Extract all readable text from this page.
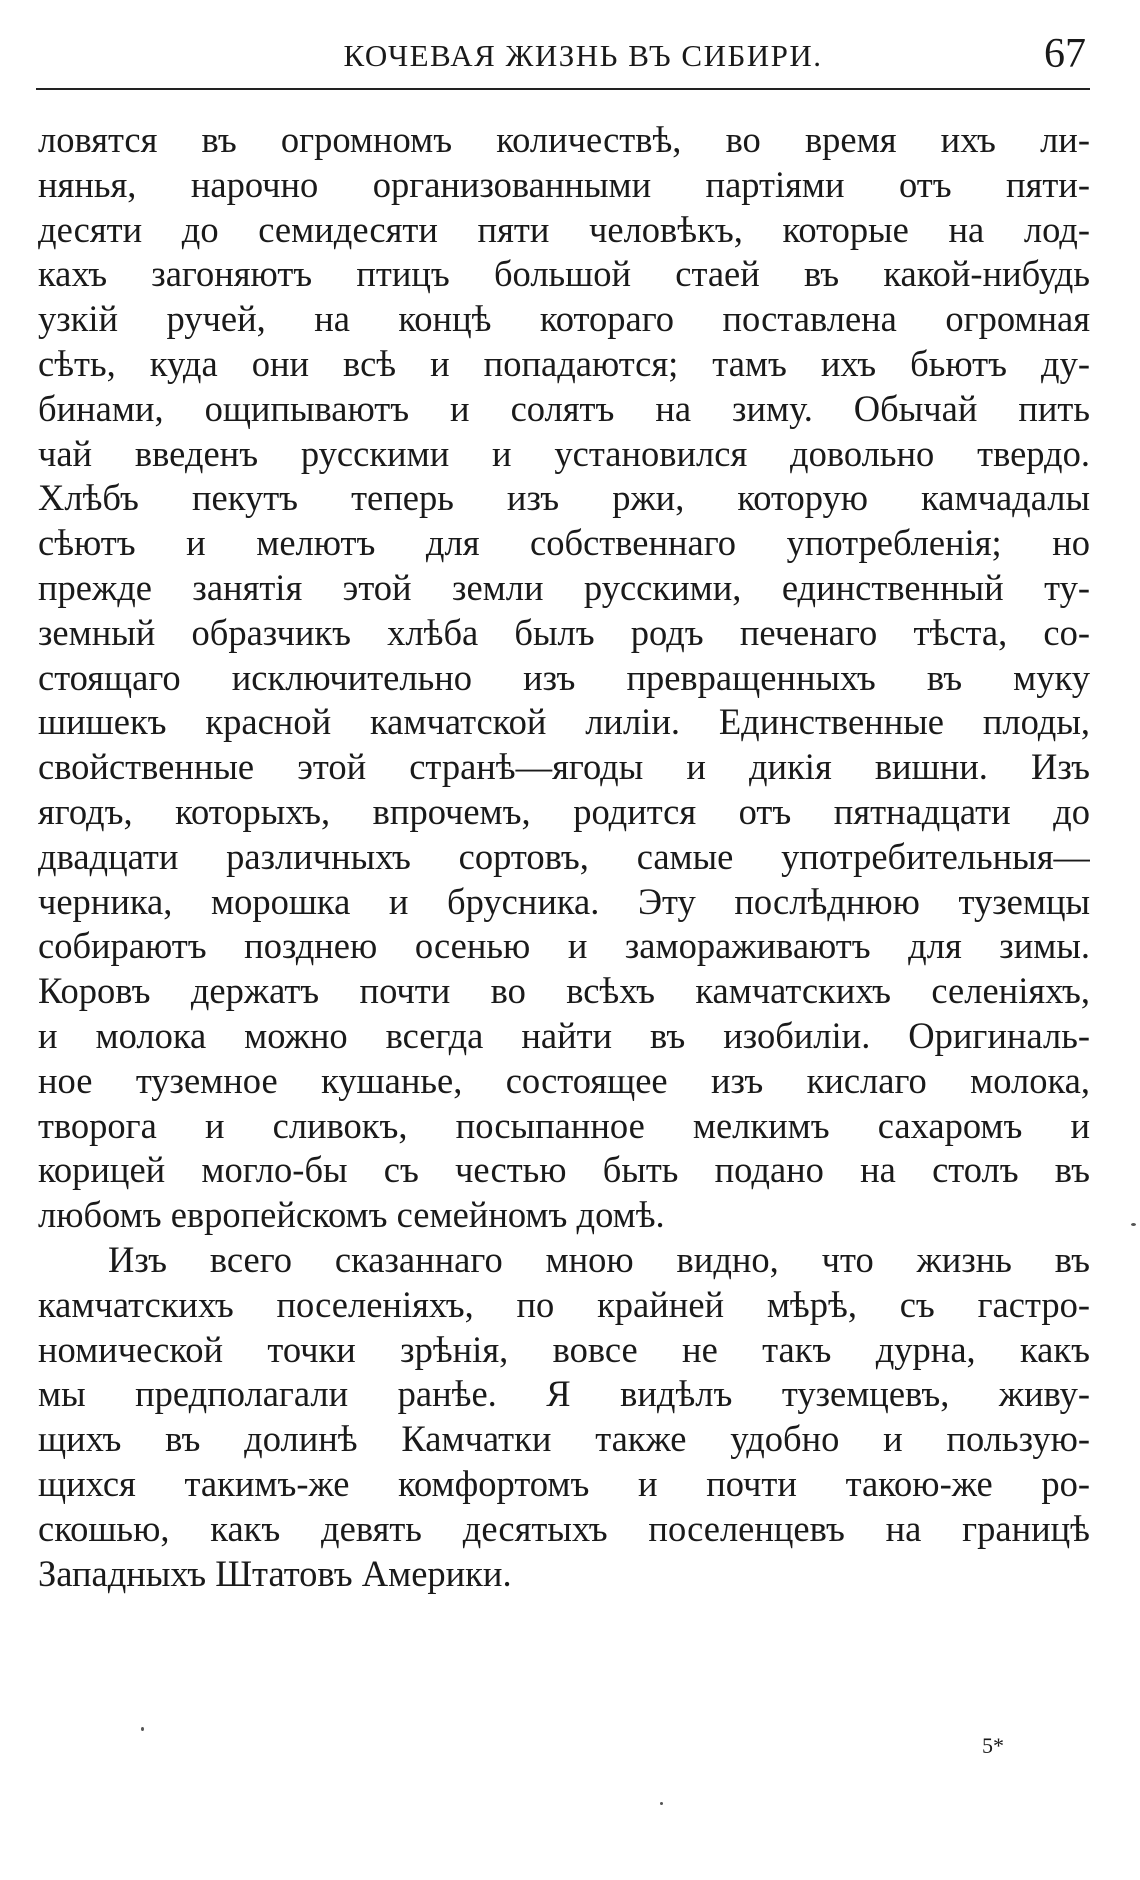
КОЧЕВАЯ ЖИЗНЬ ВЪ СИБИРИ.	67
ловятся въ огромномъ количествѣ, во время ихъ ли-
нянья, нарочно организованными партіями отъ пяти-
десяти до семидесяти пяти человѣкъ, которые на лод-
кахъ загоняютъ птицъ большой стаей въ какой-нибудь
узкій ручей, на концѣ котораго поставлена огромная
сѣть, куда они всѣ и попадаются; тамъ ихъ бьютъ ду-
бинами, ощипываютъ и солятъ на зиму. Обычай пить
чай введенъ русскими и установился довольно твердо.
Хлѣбъ пекутъ теперь изъ ржи, которую камчадалы
сѣютъ и мелютъ для собственнаго употребленія; но
прежде занятія этой земли русскими, единственный ту-
земный образчикъ хлѣба былъ родъ печенаго тѣста, со-
стоящаго исключительно изъ превращенныхъ въ муку
шишекъ красной камчатской лиліи. Единственные плоды,
свойственные этой странѣ—ягоды и дикія вишни. Изъ
ягодъ, которыхъ, впрочемъ, родится отъ пятнадцати до
двадцати различныхъ сортовъ, самые употребительныя—
черника, морошка и брусника. Эту послѣднюю туземцы
собираютъ позднею осенью и замораживаютъ для зимы.
Коровъ держатъ почти во всѣхъ камчатскихъ селеніяхъ,
и молока можно всегда найти въ изобиліи. Оригиналь-
ное туземное кушанье, состоящее изъ кислаго молока,
творога и сливокъ, посыпанное мелкимъ сахаромъ и
корицей могло-бы съ честью быть подано на столъ въ
любомъ европейскомъ семейномъ домѣ.
Изъ всего сказаннаго мною видно, что жизнь въ
камчатскихъ поселеніяхъ, по крайней мѣрѣ, съ гастро-
номической точки зрѣнія, вовсе не такъ дурна, какъ
мы предполагали ранѣе. Я видѣлъ туземцевъ, живу-
щихъ въ долинѣ Камчатки также удобно и пользую-
щихся такимъ-же комфортомъ и почти такою-же ро-
скошью, какъ девять десятыхъ поселенцевъ на границѣ
Западныхъ Штатовъ Америки.
5*
